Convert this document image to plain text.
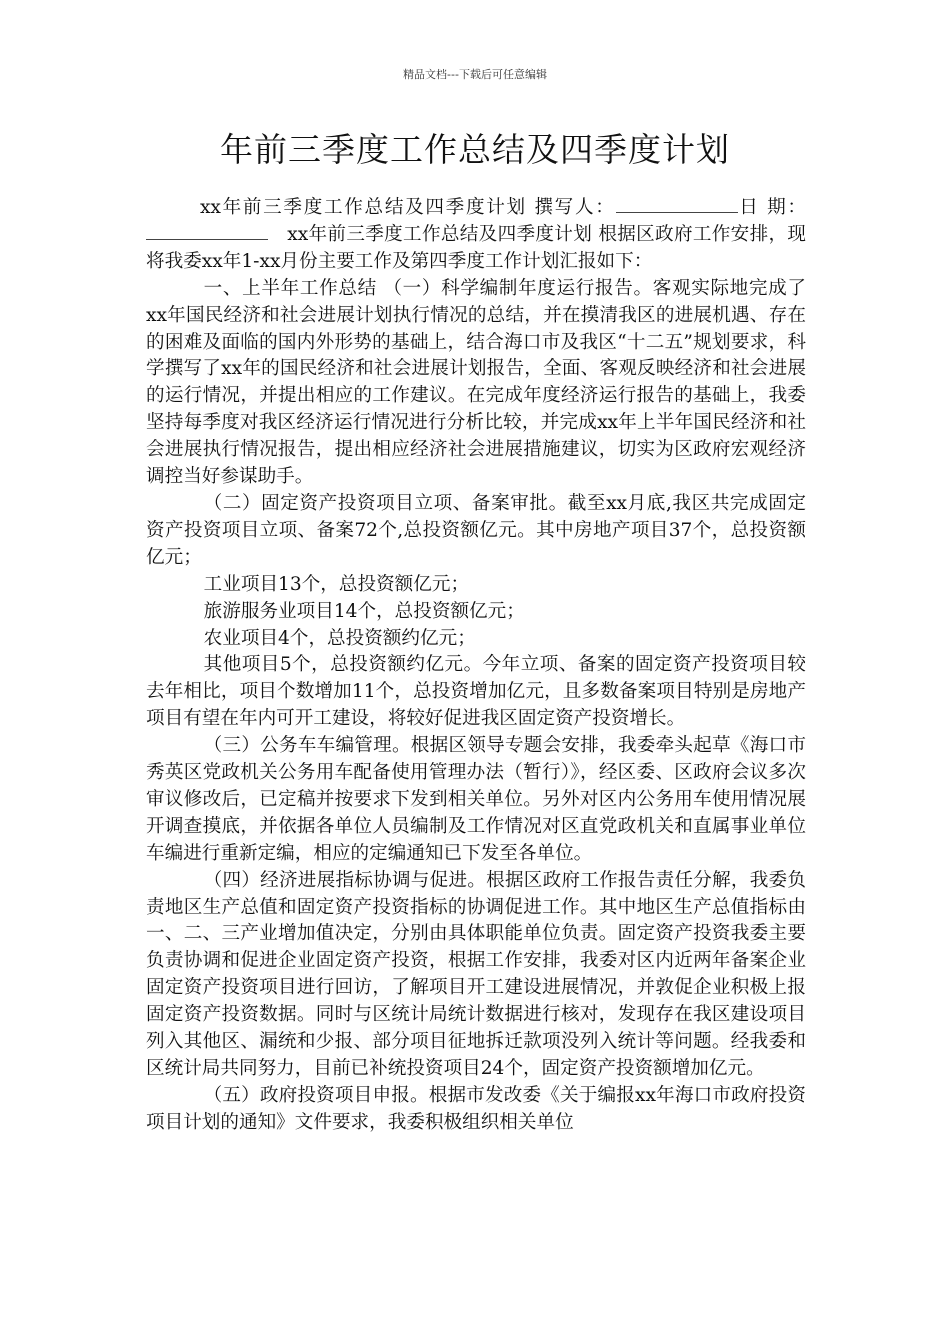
精品文档---下载后可任意编辑
年前三季度工作总结及四季度计划

xx年前三季度工作总结及四季度计划 撰写人：	日 期：　xx年前三季度工作总结及四季度计划 根据区政府工作安排，现将我委xx年1-xx月份主要工作及第四季度工作计划汇报如下：

一、上半年工作总结 （一）科学编制年度运行报告。客观实际地完成了xx年国民经济和社会进展计划执行情况的总结，并在摸清我区的进展机遇、存在的困难及面临的国内外形势的基础上，结合海口市及我区“十二五”规划要求，科学撰写了xx年的国民经济和社会进展计划报告，全面、客观反映经济和社会进展的运行情况，并提出相应的工作建议。在完成年度经济运行报告的基础上，我委坚持每季度对我区经济运行情况进行分析比较，并完成xx年上半年国民经济和社会进展执行情况报告，提出相应经济社会进展措施建议，切实为区政府宏观经济调控当好参谋助手。

（二）固定资产投资项目立项、备案审批。截至xx月底,我区共完成固定资产投资项目立项、备案72个,总投资额亿元。其中房地产项目37个，总投资额亿元；

工业项目13个，总投资额亿元；

旅游服务业项目14个，总投资额亿元；

农业项目4个，总投资额约亿元；

其他项目5个，总投资额约亿元。今年立项、备案的固定资产投资项目较去年相比，项目个数增加11个，总投资增加亿元，且多数备案项目特别是房地产项目有望在年内可开工建设，将较好促进我区固定资产投资增长。

（三）公务车车编管理。根据区领导专题会安排，我委牵头起草《海口市秀英区党政机关公务用车配备使用管理办法（暂行）》，经区委、区政府会议多次审议修改后，已定稿并按要求下发到相关单位。另外对区内公务用车使用情况展开调查摸底，并依据各单位人员编制及工作情况对区直党政机关和直属事业单位车编进行重新定编，相应的定编通知已下发至各单位。

（四）经济进展指标协调与促进。根据区政府工作报告责任分解，我委负责地区生产总值和固定资产投资指标的协调促进工作。其中地区生产总值指标由一、二、三产业增加值决定，分别由具体职能单位负责。固定资产投资我委主要负责协调和促进企业固定资产投资，根据工作安排，我委对区内近两年备案企业固定资产投资项目进行回访，了解项目开工建设进展情况，并敦促企业积极上报固定资产投资数据。同时与区统计局统计数据进行核对，发现存在我区建设项目列入其他区、漏统和少报、部分项目征地拆迁款项没列入统计等问题。经我委和区统计局共同努力，目前已补统投资项目24个，固定资产投资额增加亿元。

（五）政府投资项目申报。根据市发改委《关于编报xx年海口市政府投资项目计划的通知》文件要求，我委积极组织相关单位
